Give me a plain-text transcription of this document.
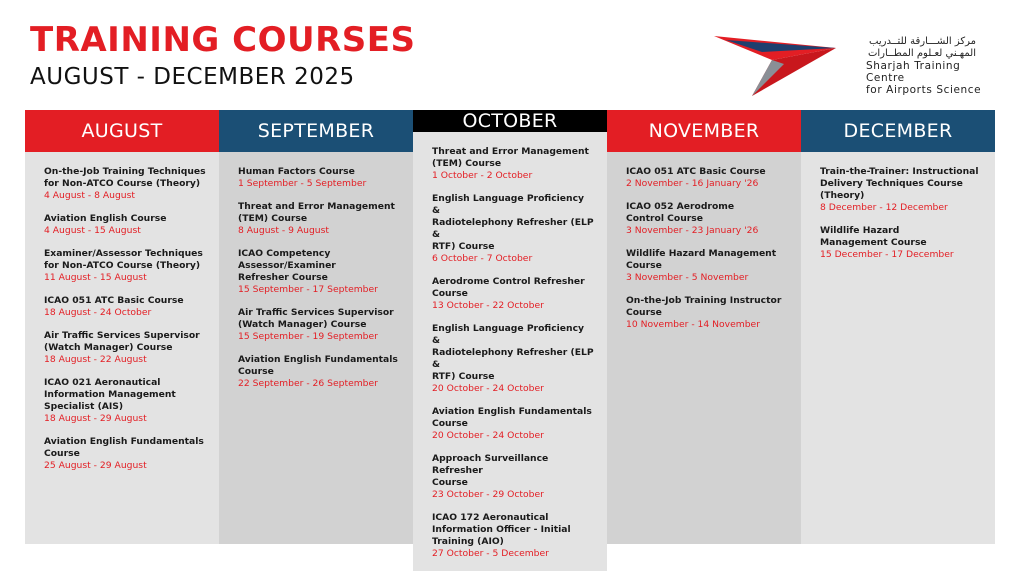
TRAINING COURSES
AUGUST - DECEMBER 2025
مركز الشـــارقة للتــدريب
المهـني لعـلوم المطــارات
Sharjah Training Centre
for Airports Science
AUGUST
On-the-Job Training Techniques
for Non-ATCO Course (Theory)
4 August - 8 August
Aviation English Course
4 August - 15 August
Examiner/Assessor Techniques
for Non-ATCO Course (Theory)
11 August - 15 August
ICAO 051 ATC Basic Course
18 August - 24 October
Air Traffic Services Supervisor
(Watch Manager) Course
18 August - 22 August
ICAO 021 Aeronautical
Information Management
Specialist (AIS)
18 August - 29 August
Aviation English Fundamentals
Course
25 August - 29 August
SEPTEMBER
Human Factors Course
1 September - 5 September
Threat and Error Management
(TEM) Course
8 August - 9 August
ICAO Competency
Assessor/Examiner
Refresher Course
15 September - 17 September
Air Traffic Services Supervisor
(Watch Manager) Course
15 September - 19 September
Aviation English Fundamentals
Course
22 September - 26 September
OCTOBER
Threat and Error Management
(TEM) Course
1 October - 2 October
English Language Proficiency &
Radiotelephony Refresher (ELP &
RTF) Course
6 October - 7 October
Aerodrome Control Refresher
Course
13 October - 22 October
English Language Proficiency &
Radiotelephony Refresher (ELP &
RTF) Course
20 October - 24 October
Aviation English Fundamentals
Course
20 October - 24 October
Approach Surveillance Refresher
Course
23 October - 29 October
ICAO 172 Aeronautical
Information Officer - Initial
Training (AIO)
27 October - 5 December
NOVEMBER
ICAO 051 ATC Basic Course
2 November - 16 January '26
ICAO 052 Aerodrome
Control Course
3 November - 23 January '26
Wildlife Hazard Management
Course
3 November - 5 November
On-the-Job Training Instructor
Course
10 November - 14 November
DECEMBER
Train-the-Trainer: Instructional
Delivery Techniques Course
(Theory)
8 December - 12 December
Wildlife Hazard
Management Course
15 December - 17 December
